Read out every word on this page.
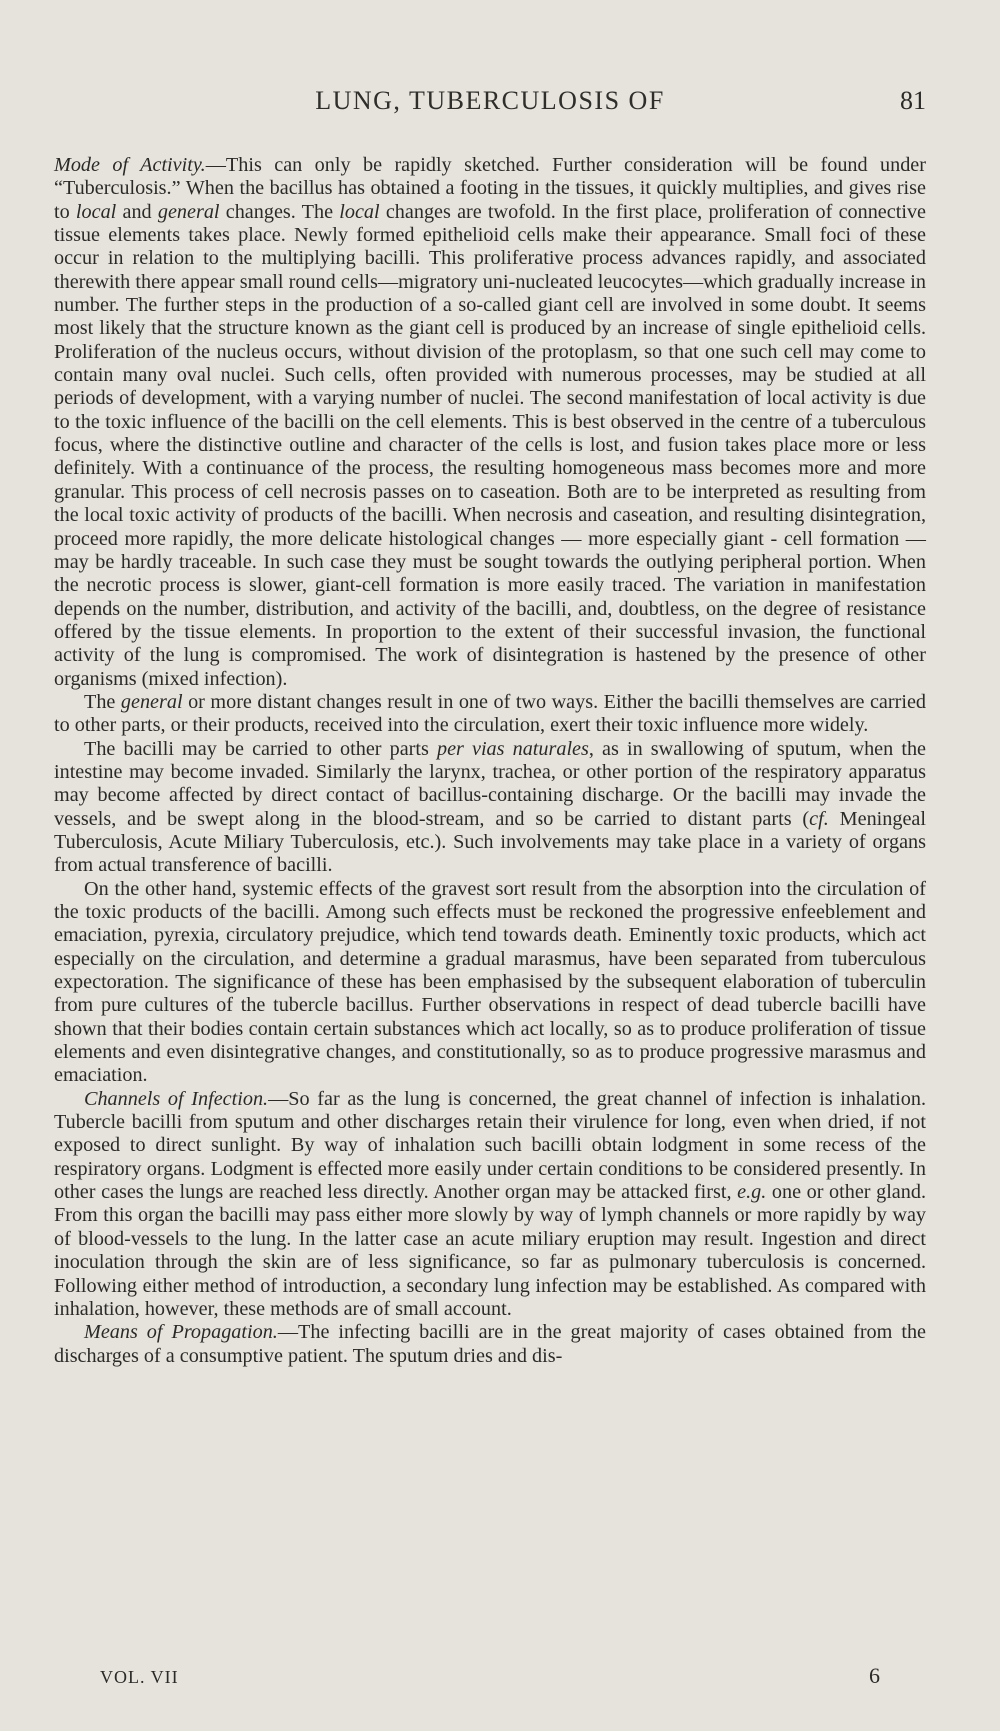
LUNG, TUBERCULOSIS OF	81

Mode of Activity.—This can only be rapidly sketched. Further consideration will be found under “Tuberculosis.” When the bacillus has obtained a footing in the tissues, it quickly multiplies, and gives rise to local and general changes. The local changes are twofold. In the first place, proliferation of connective tissue elements takes place. Newly formed epithelioid cells make their appearance. Small foci of these occur in relation to the multiplying bacilli. This proliferative process advances rapidly, and associated therewith there appear small round cells—migratory uni-nucleated leucocytes—which gradually increase in number. The further steps in the production of a so-called giant cell are involved in some doubt. It seems most likely that the structure known as the giant cell is produced by an increase of single epithelioid cells. Proliferation of the nucleus occurs, without division of the protoplasm, so that one such cell may come to contain many oval nuclei. Such cells, often provided with numerous processes, may be studied at all periods of development, with a varying number of nuclei. The second manifestation of local activity is due to the toxic influence of the bacilli on the cell elements. This is best observed in the centre of a tuberculous focus, where the distinctive outline and character of the cells is lost, and fusion takes place more or less definitely. With a continuance of the process, the resulting homogeneous mass becomes more and more granular. This process of cell necrosis passes on to caseation. Both are to be interpreted as resulting from the local toxic activity of products of the bacilli. When necrosis and caseation, and resulting disintegration, proceed more rapidly, the more delicate histological changes — more especially giant - cell formation — may be hardly traceable. In such case they must be sought towards the outlying peripheral portion. When the necrotic process is slower, giant-cell formation is more easily traced. The variation in manifestation depends on the number, distribution, and activity of the bacilli, and, doubtless, on the degree of resistance offered by the tissue elements. In proportion to the extent of their successful invasion, the functional activity of the lung is compromised. The work of disintegration is hastened by the presence of other organisms (mixed infection).

The general or more distant changes result in one of two ways. Either the bacilli themselves are carried to other parts, or their products, received into the circulation, exert their toxic influence more widely.

The bacilli may be carried to other parts per vias naturales, as in swallowing of sputum, when the intestine may become invaded. Similarly the larynx, trachea, or other portion of the respiratory apparatus may become affected by direct contact of bacillus-containing discharge. Or the bacilli may invade the vessels, and be swept along in the blood-stream, and so be carried to distant parts (cf. Meningeal Tuberculosis, Acute Miliary Tuberculosis, etc.). Such involvements may take place in a variety of organs from actual transference of bacilli.

On the other hand, systemic effects of the gravest sort result from the absorption into the circulation of the toxic products of the bacilli. Among such effects must be reckoned the progressive enfeeblement and emaciation, pyrexia, circulatory prejudice, which tend towards death. Eminently toxic products, which act especially on the circulation, and determine a gradual marasmus, have been separated from tuberculous expectoration. The significance of these has been emphasised by the subsequent elaboration of tuberculin from pure cultures of the tubercle bacillus. Further observations in respect of dead tubercle bacilli have shown that their bodies contain certain substances which act locally, so as to produce proliferation of tissue elements and even disintegrative changes, and constitutionally, so as to produce progressive marasmus and emaciation.

Channels of Infection.—So far as the lung is concerned, the great channel of infection is inhalation. Tubercle bacilli from sputum and other discharges retain their virulence for long, even when dried, if not exposed to direct sunlight. By way of inhalation such bacilli obtain lodgment in some recess of the respiratory organs. Lodgment is effected more easily under certain conditions to be considered presently. In other cases the lungs are reached less directly. Another organ may be attacked first, e.g. one or other gland. From this organ the bacilli may pass either more slowly by way of lymph channels or more rapidly by way of blood-vessels to the lung. In the latter case an acute miliary eruption may result. Ingestion and direct inoculation through the skin are of less significance, so far as pulmonary tuberculosis is concerned. Following either method of introduction, a secondary lung infection may be established. As compared with inhalation, however, these methods are of small account.

Means of Propagation.—The infecting bacilli are in the great majority of cases obtained from the discharges of a consumptive patient. The sputum dries and dis-

VOL. VII	6
